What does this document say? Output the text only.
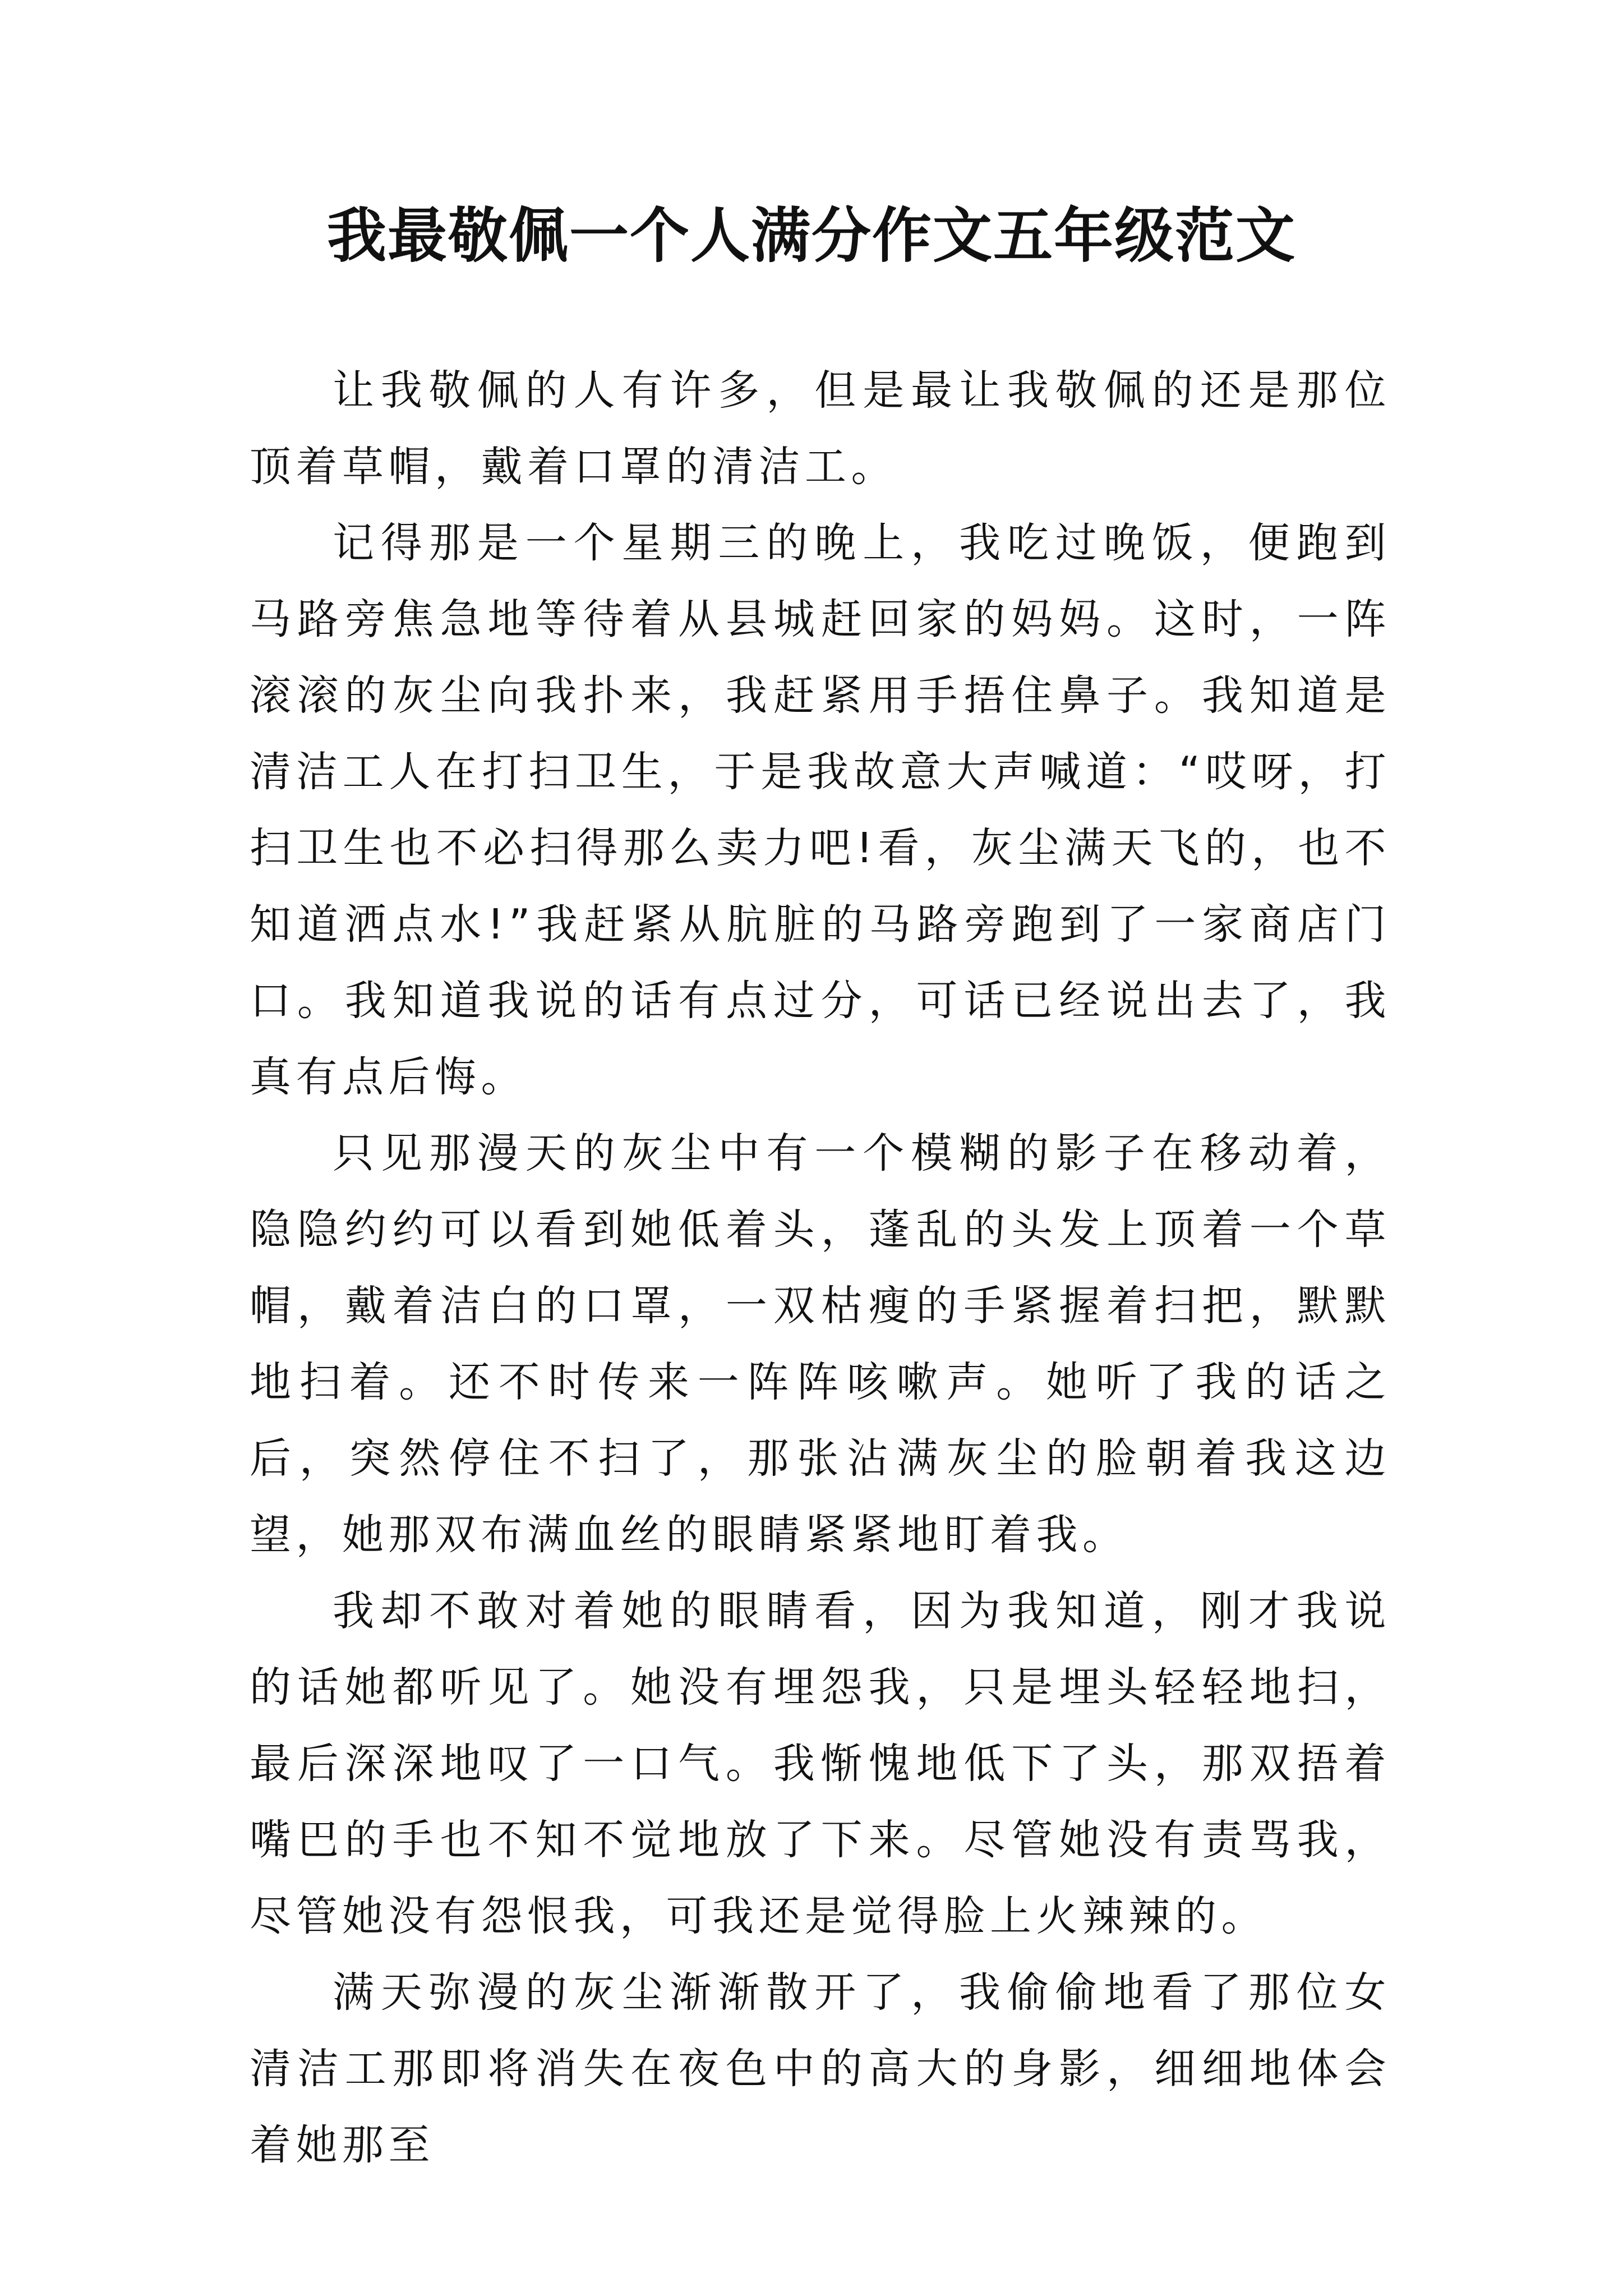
我最敬佩一个人满分作文五年级范文

让我敬佩的人有许多，但是最让我敬佩的还是那位顶着草帽，戴着口罩的清洁工。

记得那是一个星期三的晚上，我吃过晚饭，便跑到马路旁焦急地等待着从县城赶回家的妈妈。这时，一阵滚滚的灰尘向我扑来，我赶紧用手捂住鼻子。我知道是清洁工人在打扫卫生，于是我故意大声喊道：“哎呀，打扫卫生也不必扫得那么卖力吧!看，灰尘满天飞的，也不知道洒点水!”我赶紧从肮脏的马路旁跑到了一家商店门口。我知道我说的话有点过分，可话已经说出去了，我真有点后悔。

只见那漫天的灰尘中有一个模糊的影子在移动着，隐隐约约可以看到她低着头，蓬乱的头发上顶着一个草帽，戴着洁白的口罩，一双枯瘦的手紧握着扫把，默默地扫着。还不时传来一阵阵咳嗽声。她听了我的话之后，突然停住不扫了，那张沾满灰尘的脸朝着我这边望，她那双布满血丝的眼睛紧紧地盯着我。

我却不敢对着她的眼睛看，因为我知道，刚才我说的话她都听见了。她没有埋怨我，只是埋头轻轻地扫，最后深深地叹了一口气。我惭愧地低下了头，那双捂着嘴巴的手也不知不觉地放了下来。尽管她没有责骂我，尽管她没有怨恨我，可我还是觉得脸上火辣辣的。

满天弥漫的灰尘渐渐散开了，我偷偷地看了那位女清洁工那即将消失在夜色中的高大的身影，细细地体会着她那至
